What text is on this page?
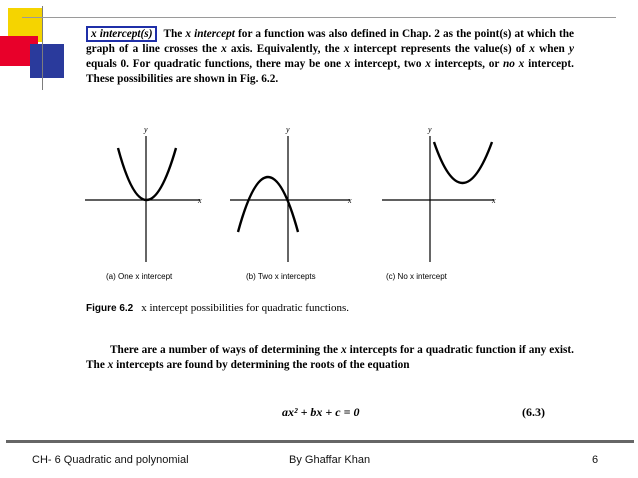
x intercept(s) The x intercept for a function was also defined in Chap. 2 as the point(s) at which the graph of a line crosses the x axis. Equivalently, the x intercept represents the value(s) of x when y equals 0. For quadratic functions, there may be one x intercept, two x intercepts, or no x intercept. These possibilities are shown in Fig. 6.2.
y
x
y
x
y
x
(a) One x intercept	(b) Two x intercepts	(c) No x intercept
Figure 6.2 x intercept possibilities for quadratic functions.
There are a number of ways of determining the x intercepts for a quadratic function if any exist. The x intercepts are found by determining the roots of the equation
ax² + bx + c = 0	(6.3)
CH- 6 Quadratic and polynomial	By Ghaffar Khan	6
